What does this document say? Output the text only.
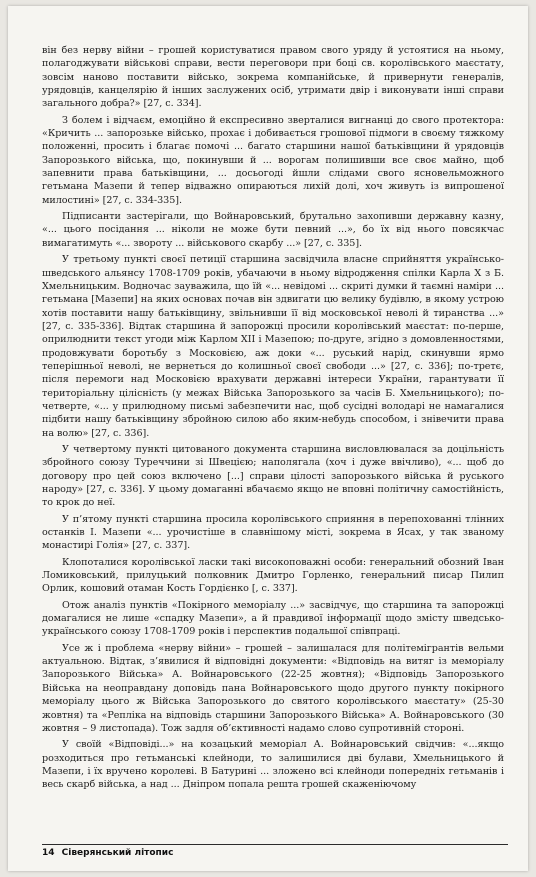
він без нерву війни – грошей користуватися правом свого уряду й устоятися на ньому, полагоджувати військові справи, вести переговори при боці св. королівського маєстату, зовсім наново поставити військо, зокрема компанійське, й привернути генералів, урядовців, канцелярію й інших заслужених осіб, утримати двір і виконувати інші справи загального добра?» [27, с. 334].

З болем і відчаєм, емоційно й експресивно зверталися вигнанці до свого протектора: «Кричить ... запорозьке військо, прохає і добивається грошової підмоги в своєму тяжкому положенні, просить і благає помочі ... багато старшини нашої батьківщини й урядовців Запорозького війська, що, покинувши й ... ворогам полишивши все своє майно, щоб запевнити права батьківщини, ... досьогоді йшли слідами свого ясновельможного гетьмана Мазепи й тепер відважно опираються лихій долі, хоч живуть із випрошеної милостині» [27, с. 334-335].

Підписанти застерігали, що Войнаровський, брутально захопивши державну казну, «... цього посідання ... ніколи не може бути певний ...», бо їх від нього повсякчас вимагатимуть «... звороту ... військового скарбу ...» [27, с. 335].

У третьому пункті своєї петиції старшина засвідчила власне сприйняття українсько-шведського альянсу 1708-1709 років, убачаючи в ньому відродження спілки Карла Х з Б. Хмельницьким. Водночас зауважила, що їй «... невідомі ... скриті думки й таємні наміри ... гетьмана [Мазепи] на яких основах почав він здвигати цю велику будівлю, в якому устрою хотів поставити нашу батьківщину, звільнивши її від московської неволі й тиранства ...» [27, с. 335-336]. Відтак старшина й запорожці просили королівський маєстат: по-перше, оприлюднити текст угоди між Карлом ХІІ і Мазепою; по-друге, згідно з домовленностями, продовжувати боротьбу з Московією, аж доки «... руський нарід, скинувши ярмо теперішньої неволі, не вернеться до колишньої своєї свободи ...» [27, с. 336]; по-третє, після перемоги над Московією врахувати державні інтереси України, гарантувати її територіальну цілісність (у межах Війська Запорозького за часів Б. Хмельницького); по-четверте, «... у прилюдному письмі забезпечити нас, щоб сусідні володарі не намагалися підбити нашу батьківщину збройною силою або яким-небудь способом, і знівечити права на волю» [27, с. 336].

У четвертому пункті цитованого документа старшина висловлювалася за доцільність збройного союзу Туреччини зі Швецією; наполягала (хоч і дуже ввічливо), «... щоб до договору про цей союз включено [...] справи цілості запорозького війська й руського народу» [27, с. 336]. У цьому домаганні вбачаємо якщо не вповні політичну самостійність, то крок до неї.

У п’ятому пункті старшина просила королівського сприяння в перепохованні тлінних останків І. Мазепи «... урочистіше в славнішому місті, зокрема в Ясах, у так званому монастирі Голія» [27, с. 337].

Клопоталися королівської ласки такі високоповажні особи: генеральний обозний Іван Ломиковський, прилуцький полковник Дмитро Горленко, генеральний писар Пилип Орлик, кошовий отаман Кость Гордієнко [, с. 337].

Отож аналіз пунктів «Покірного меморіалу ...» засвідчує, що старшина та запорожці домагалися не лише «спадку Мазепи», а й правдивої інформації щодо змісту шведсько-українського союзу 1708-1709 років і перспектив подальшої співпраці.

Усе ж і проблема «нерву війни» – грошей – залишалася для політемігрантів вельми актуальною. Відтак, з’явилися й відповідні документи: «Відповідь на витяг із меморіалу Запорозького Війська» А. Войнаровського (22-25 жовтня); «Відповідь Запорозького Війська на неоправдану доповідь пана Войнаровського щодо другого пункту покірного меморіалу цього ж Війська Запорозького до святого королівського маєстату» (25-30 жовтня) та «Репліка на відповідь старшини Запорозького Війська» А. Войнаровського (30 жовтня – 9 листопада). Тож задля об’єктивності надамо слово супротивній стороні.

У своїй «Відповіді...» на козацький меморіал А. Войнаровський свідчив: «...якщо розходиться про гетьманські клейноди, то залишилися дві булави, Хмельницького й Мазепи, і їх вручено королеві. В Батурині ... зложено всі клейноди попередніх гетьманів і весь скарб війська, а над ... Дніпром попала решта грошей скаженіючому

14 Сіверянський літопис
